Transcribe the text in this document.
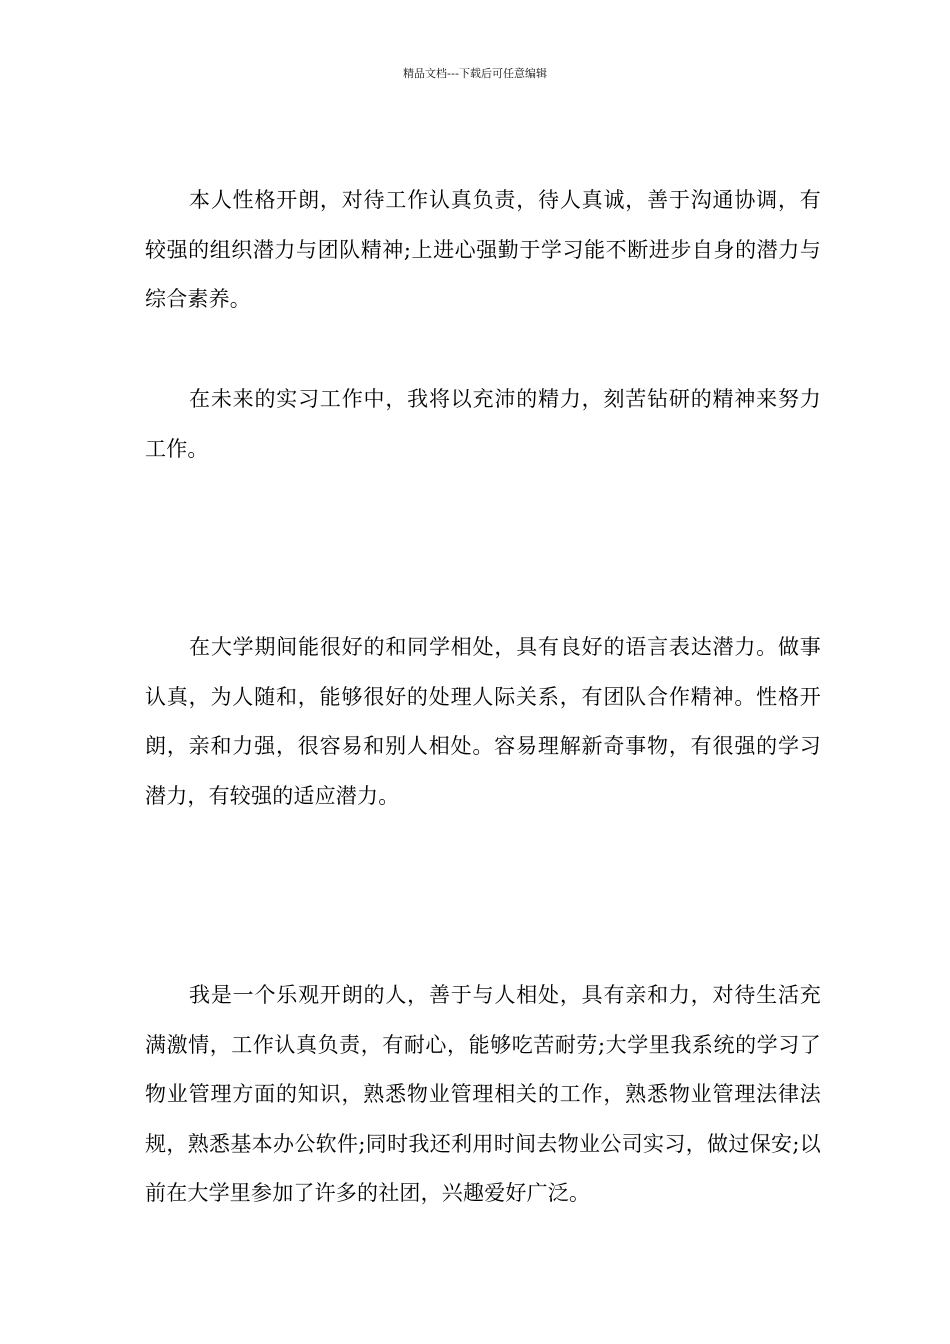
精品文档---下载后可任意编辑

本人性格开朗，对待工作认真负责，待人真诚，善于沟通协调，有较强的组织潜力与团队精神;上进心强勤于学习能不断进步自身的潜力与综合素养。

在未来的实习工作中，我将以充沛的精力，刻苦钻研的精神来努力工作。

在大学期间能很好的和同学相处，具有良好的语言表达潜力。做事认真，为人随和，能够很好的处理人际关系，有团队合作精神。性格开朗，亲和力强，很容易和别人相处。容易理解新奇事物，有很强的学习潜力，有较强的适应潜力。

我是一个乐观开朗的人，善于与人相处，具有亲和力，对待生活充满激情，工作认真负责，有耐心，能够吃苦耐劳;大学里我系统的学习了物业管理方面的知识，熟悉物业管理相关的工作，熟悉物业管理法律法规，熟悉基本办公软件;同时我还利用时间去物业公司实习，做过保安;以前在大学里参加了许多的社团，兴趣爱好广泛。
